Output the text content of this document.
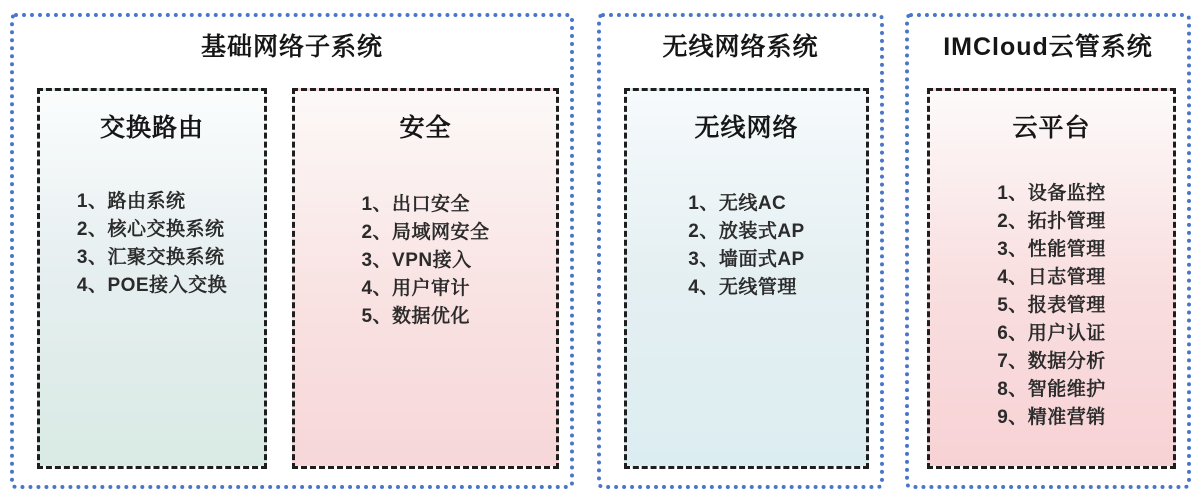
基础网络子系统
交换路由
1、路由系统
2、核心交换系统
3、汇聚交换系统
4、POE接入交换
安全
1、出口安全
2、局域网安全
3、VPN接入
4、用户审计
5、数据优化
无线网络系统
无线网络
1、无线AC
2、放装式AP
3、墙面式AP
4、无线管理
IMCloud云管系统
云平台
1、设备监控
2、拓扑管理
3、性能管理
4、日志管理
5、报表管理
6、用户认证
7、数据分析
8、智能维护
9、精准营销
